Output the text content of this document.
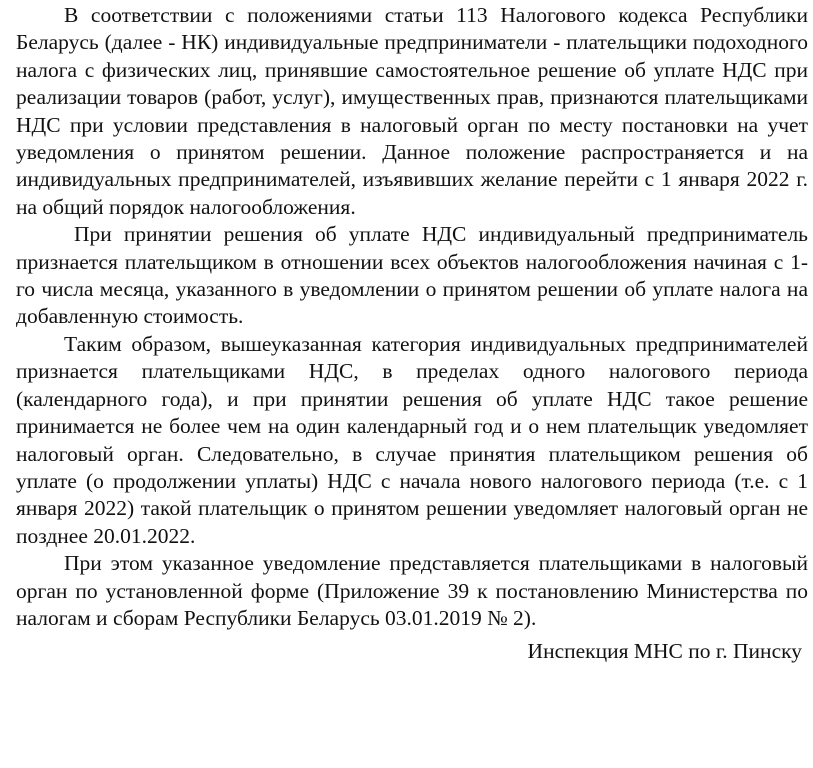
В соответствии с положениями статьи 113 Налогового кодекса Республики Беларусь (далее - НК) индивидуальные предприниматели - плательщики подоходного налога с физических лиц, принявшие самостоятельное решение об уплате НДС при реализации товаров (работ, услуг), имущественных прав, признаются плательщиками НДС при условии представления в налоговый орган по месту постановки на учет уведомления о принятом решении. Данное положение распространяется и на индивидуальных предпринимателей, изъявивших желание перейти с 1 января 2022 г. на общий порядок налогообложения.

При принятии решения об уплате НДС индивидуальный предприниматель признается плательщиком в отношении всех объектов налогообложения начиная с 1-го числа месяца, указанного в уведомлении о принятом решении об уплате налога на добавленную стоимость.

Таким образом, вышеуказанная категория индивидуальных предпринимателей признается плательщиками НДС, в пределах одного налогового периода (календарного года), и при принятии решения об уплате НДС такое решение принимается не более чем на один календарный год и о нем плательщик уведомляет налоговый орган. Следовательно, в случае принятия плательщиком решения об уплате (о продолжении уплаты) НДС с начала нового налогового периода (т.е. с 1 января 2022) такой плательщик о принятом решении уведомляет налоговый орган не позднее 20.01.2022.

При этом указанное уведомление представляется плательщиками в налоговый орган по установленной форме (Приложение 39 к постановлению Министерства по налогам и сборам Республики Беларусь 03.01.2019 № 2).

Инспекция МНС по г. Пинску
